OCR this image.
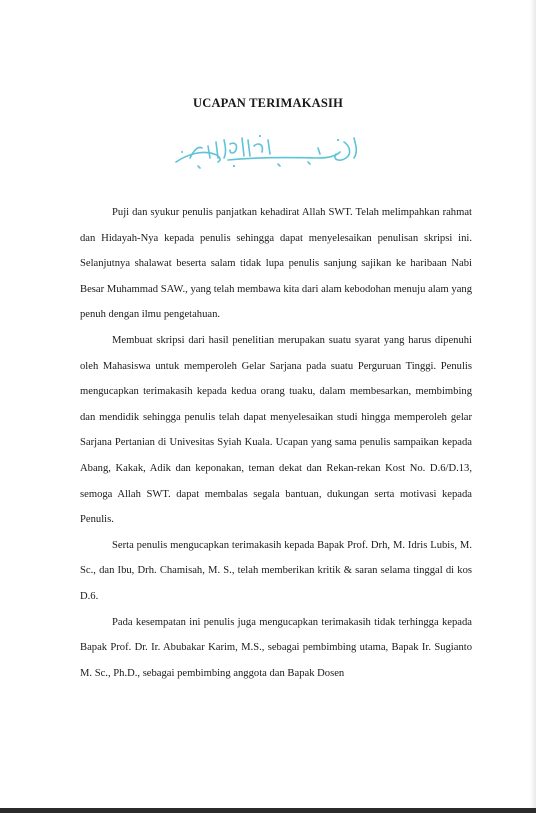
UCAPAN TERIMAKASIH

Puji dan syukur penulis panjatkan kehadirat Allah SWT. Telah melimpahkan rahmat dan Hidayah-Nya kepada penulis sehingga dapat menyelesaikan penulisan skripsi ini. Selanjutnya shalawat beserta salam tidak lupa penulis sanjung sajikan ke haribaan Nabi Besar Muhammad SAW., yang telah membawa kita dari alam kebodohan menuju alam yang penuh dengan ilmu pengetahuan.

Membuat skripsi dari hasil penelitian merupakan suatu syarat yang harus dipenuhi oleh Mahasiswa untuk memperoleh Gelar Sarjana pada suatu Perguruan Tinggi. Penulis mengucapkan terimakasih kepada kedua orang tuaku, dalam membesarkan, membimbing dan mendidik sehingga penulis telah dapat menyelesaikan studi hingga memperoleh gelar Sarjana Pertanian di Univesitas Syiah Kuala. Ucapan yang sama penulis sampaikan kepada Abang, Kakak, Adik dan keponakan, teman dekat dan Rekan-rekan Kost No. D.6/D.13, semoga Allah SWT. dapat membalas segala bantuan, dukungan serta motivasi kepada Penulis.

Serta penulis mengucapkan terimakasih kepada Bapak Prof. Drh, M. Idris Lubis, M. Sc., dan Ibu, Drh. Chamisah, M. S., telah memberikan kritik & saran selama tinggal di kos D.6.

Pada kesempatan ini penulis juga mengucapkan terimakasih tidak terhingga kepada Bapak Prof. Dr. Ir. Abubakar Karim, M.S., sebagai pembimbing utama, Bapak Ir. Sugianto M. Sc., Ph.D., sebagai pembimbing anggota dan Bapak Dosen
